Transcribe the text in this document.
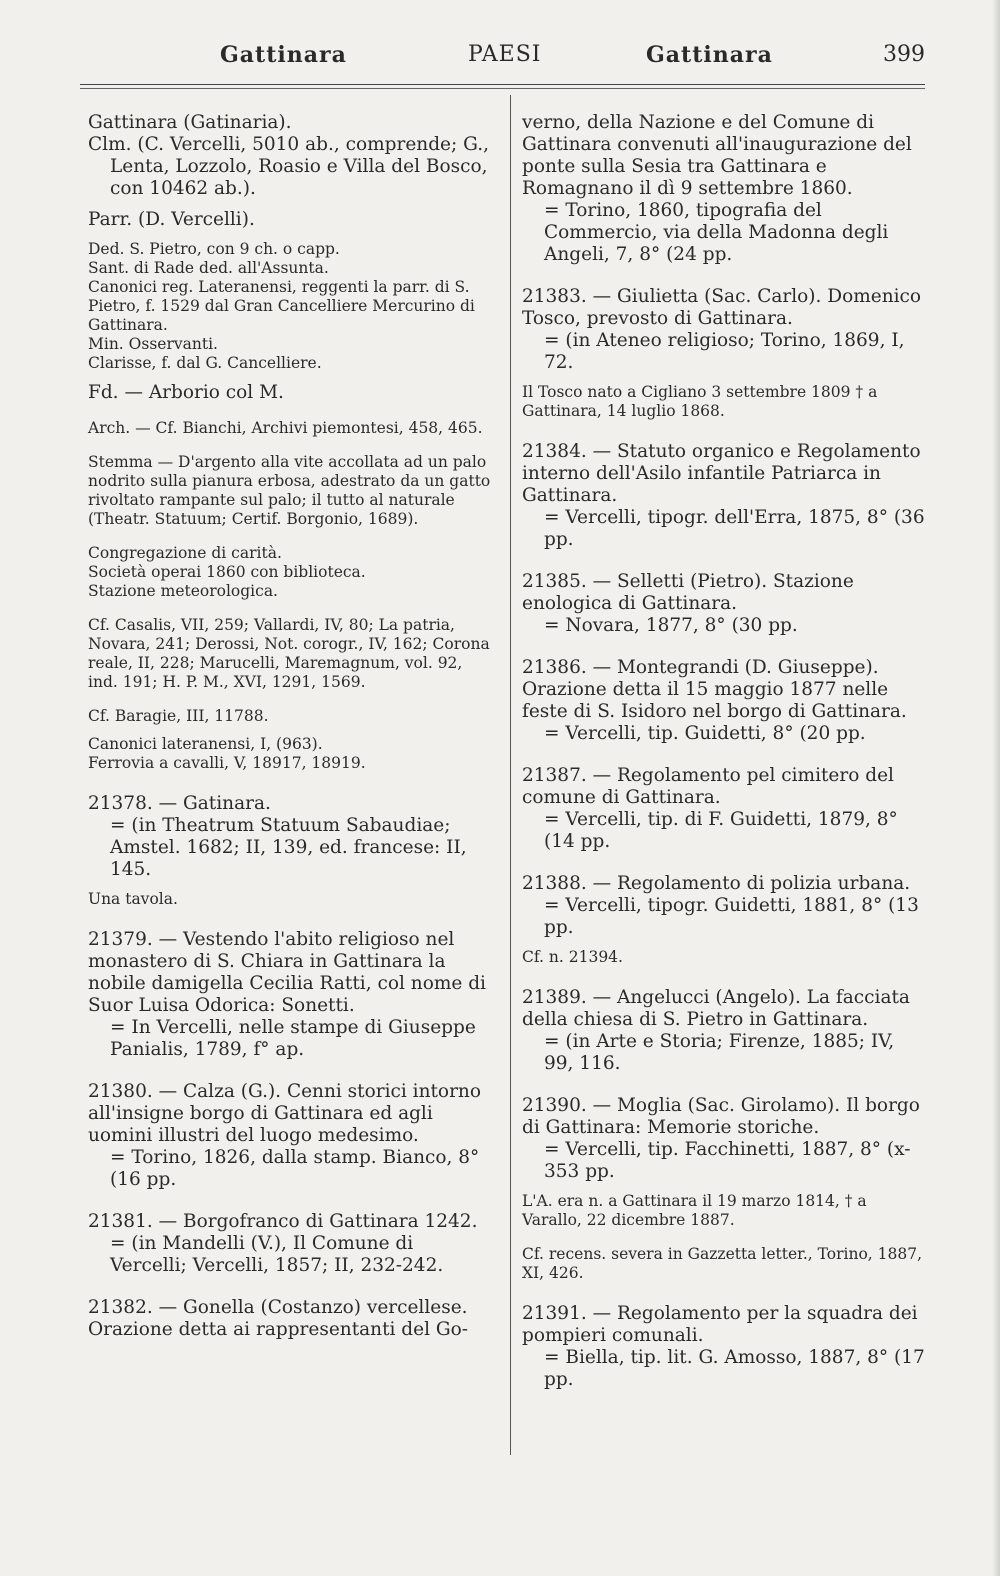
Gattinara	PAESI	Gattinara	399

Gattinara (Gatinaria).

Clm. (C. Vercelli, 5010 ab., comprende; G., Lenta, Lozzolo, Roasio e Villa del Bosco, con 10462 ab.).

Parr. (D. Vercelli).

Ded. S. Pietro, con 9 ch. o capp.

Sant. di Rade ded. all'Assunta.

Canonici reg. Lateranensi, reggenti la parr. di S. Pietro, f. 1529 dal Gran Cancelliere Mercurino di Gattinara.

Min. Osservanti.

Clarisse, f. dal G. Cancelliere.

Fd. — Arborio col M.

Arch. — Cf. Bianchi, Archivi piemontesi, 458, 465.

Stemma — D'argento alla vite accollata ad un palo nodrito sulla pianura erbosa, adestrato da un gatto rivoltato rampante sul palo; il tutto al naturale (Theatr. Statuum; Certif. Borgonio, 1689).

Congregazione di carità.

Società operai 1860 con biblioteca.

Stazione meteorologica.

Cf. Casalis, VII, 259; Vallardi, IV, 80; La patria, Novara, 241; Derossi, Not. corogr., IV, 162; Corona reale, II, 228; Marucelli, Maremagnum, vol. 92, ind. 191; H. P. M., XVI, 1291, 1569.

Cf. Baragie, III, 11788.

Canonici lateranensi, I, (963).

Ferrovia a cavalli, V, 18917, 18919.

21378. — Gatinara.

= (in Theatrum Statuum Sabaudiae; Amstel. 1682; II, 139, ed. francese: II, 145.

Una tavola.

21379. — Vestendo l'abito religioso nel monastero di S. Chiara in Gattinara la nobile damigella Cecilia Ratti, col nome di Suor Luisa Odorica: Sonetti.

= In Vercelli, nelle stampe di Giuseppe Panialis, 1789, f° ap.

21380. — Calza (G.). Cenni storici intorno all'insigne borgo di Gattinara ed agli uomini illustri del luogo medesimo.

= Torino, 1826, dalla stamp. Bianco, 8° (16 pp.

21381. — Borgofranco di Gattinara 1242.

= (in Mandelli (V.), Il Comune di Vercelli; Vercelli, 1857; II, 232-242.

21382. — Gonella (Costanzo) vercellese. Orazione detta ai rappresentanti del Go-

verno, della Nazione e del Comune di Gattinara convenuti all'inaugurazione del ponte sulla Sesia tra Gattinara e Romagnano il dì 9 settembre 1860.

= Torino, 1860, tipografia del Commercio, via della Madonna degli Angeli, 7, 8° (24 pp.

21383. — Giulietta (Sac. Carlo). Domenico Tosco, prevosto di Gattinara.

= (in Ateneo religioso; Torino, 1869, I, 72.

Il Tosco nato a Cigliano 3 settembre 1809 † a Gattinara, 14 luglio 1868.

21384. — Statuto organico e Regolamento interno dell'Asilo infantile Patriarca in Gattinara.

= Vercelli, tipogr. dell'Erra, 1875, 8° (36 pp.

21385. — Selletti (Pietro). Stazione enologica di Gattinara.

= Novara, 1877, 8° (30 pp.

21386. — Montegrandi (D. Giuseppe). Orazione detta il 15 maggio 1877 nelle feste di S. Isidoro nel borgo di Gattinara.

= Vercelli, tip. Guidetti, 8° (20 pp.

21387. — Regolamento pel cimitero del comune di Gattinara.

= Vercelli, tip. di F. Guidetti, 1879, 8° (14 pp.

21388. — Regolamento di polizia urbana.

= Vercelli, tipogr. Guidetti, 1881, 8° (13 pp.

Cf. n. 21394.

21389. — Angelucci (Angelo). La facciata della chiesa di S. Pietro in Gattinara.

= (in Arte e Storia; Firenze, 1885; IV, 99, 116.

21390. — Moglia (Sac. Girolamo). Il borgo di Gattinara: Memorie storiche.

= Vercelli, tip. Facchinetti, 1887, 8° (x-353 pp.

L'A. era n. a Gattinara il 19 marzo 1814, † a Varallo, 22 dicembre 1887.

Cf. recens. severa in Gazzetta letter., Torino, 1887, XI, 426.

21391. — Regolamento per la squadra dei pompieri comunali.

= Biella, tip. lit. G. Amosso, 1887, 8° (17 pp.
